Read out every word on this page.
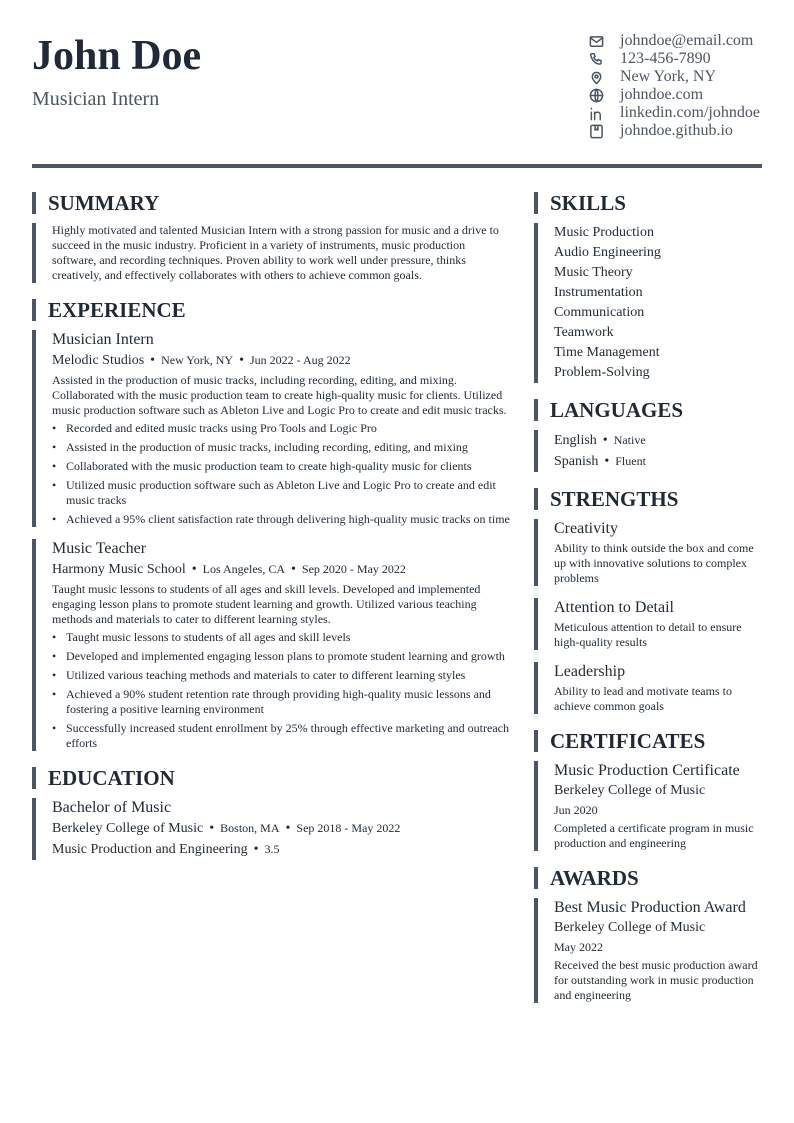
John Doe
Musician Intern
johndoe@email.com
123-456-7890
New York, NY
johndoe.com
linkedin.com/johndoe
johndoe.github.io
SUMMARY
Highly motivated and talented Musician Intern with a strong passion for music and a drive to succeed in the music industry. Proficient in a variety of instruments, music production software, and recording techniques. Proven ability to work well under pressure, thinks creatively, and effectively collaborates with others to achieve common goals.
EXPERIENCE
Musician Intern
Melodic Studios • New York, NY • Jun 2022 - Aug 2022
Assisted in the production of music tracks, including recording, editing, and mixing. Collaborated with the music production team to create high-quality music for clients. Utilized music production software such as Ableton Live and Logic Pro to create and edit music tracks.
• Recorded and edited music tracks using Pro Tools and Logic Pro
• Assisted in the production of music tracks, including recording, editing, and mixing
• Collaborated with the music production team to create high-quality music for clients
• Utilized music production software such as Ableton Live and Logic Pro to create and edit music tracks
• Achieved a 95% client satisfaction rate through delivering high-quality music tracks on time
Music Teacher
Harmony Music School • Los Angeles, CA • Sep 2020 - May 2022
Taught music lessons to students of all ages and skill levels. Developed and implemented engaging lesson plans to promote student learning and growth. Utilized various teaching methods and materials to cater to different learning styles.
• Taught music lessons to students of all ages and skill levels
• Developed and implemented engaging lesson plans to promote student learning and growth
• Utilized various teaching methods and materials to cater to different learning styles
• Achieved a 90% student retention rate through providing high-quality music lessons and fostering a positive learning environment
• Successfully increased student enrollment by 25% through effective marketing and outreach efforts
EDUCATION
Bachelor of Music
Berkeley College of Music • Boston, MA • Sep 2018 - May 2022
Music Production and Engineering • 3.5
SKILLS
Music Production
Audio Engineering
Music Theory
Instrumentation
Communication
Teamwork
Time Management
Problem-Solving
LANGUAGES
English • Native
Spanish • Fluent
STRENGTHS
Creativity
Ability to think outside the box and come up with innovative solutions to complex problems
Attention to Detail
Meticulous attention to detail to ensure high-quality results
Leadership
Ability to lead and motivate teams to achieve common goals
CERTIFICATES
Music Production Certificate
Berkeley College of Music
Jun 2020
Completed a certificate program in music production and engineering
AWARDS
Best Music Production Award
Berkeley College of Music
May 2022
Received the best music production award for outstanding work in music production and engineering
